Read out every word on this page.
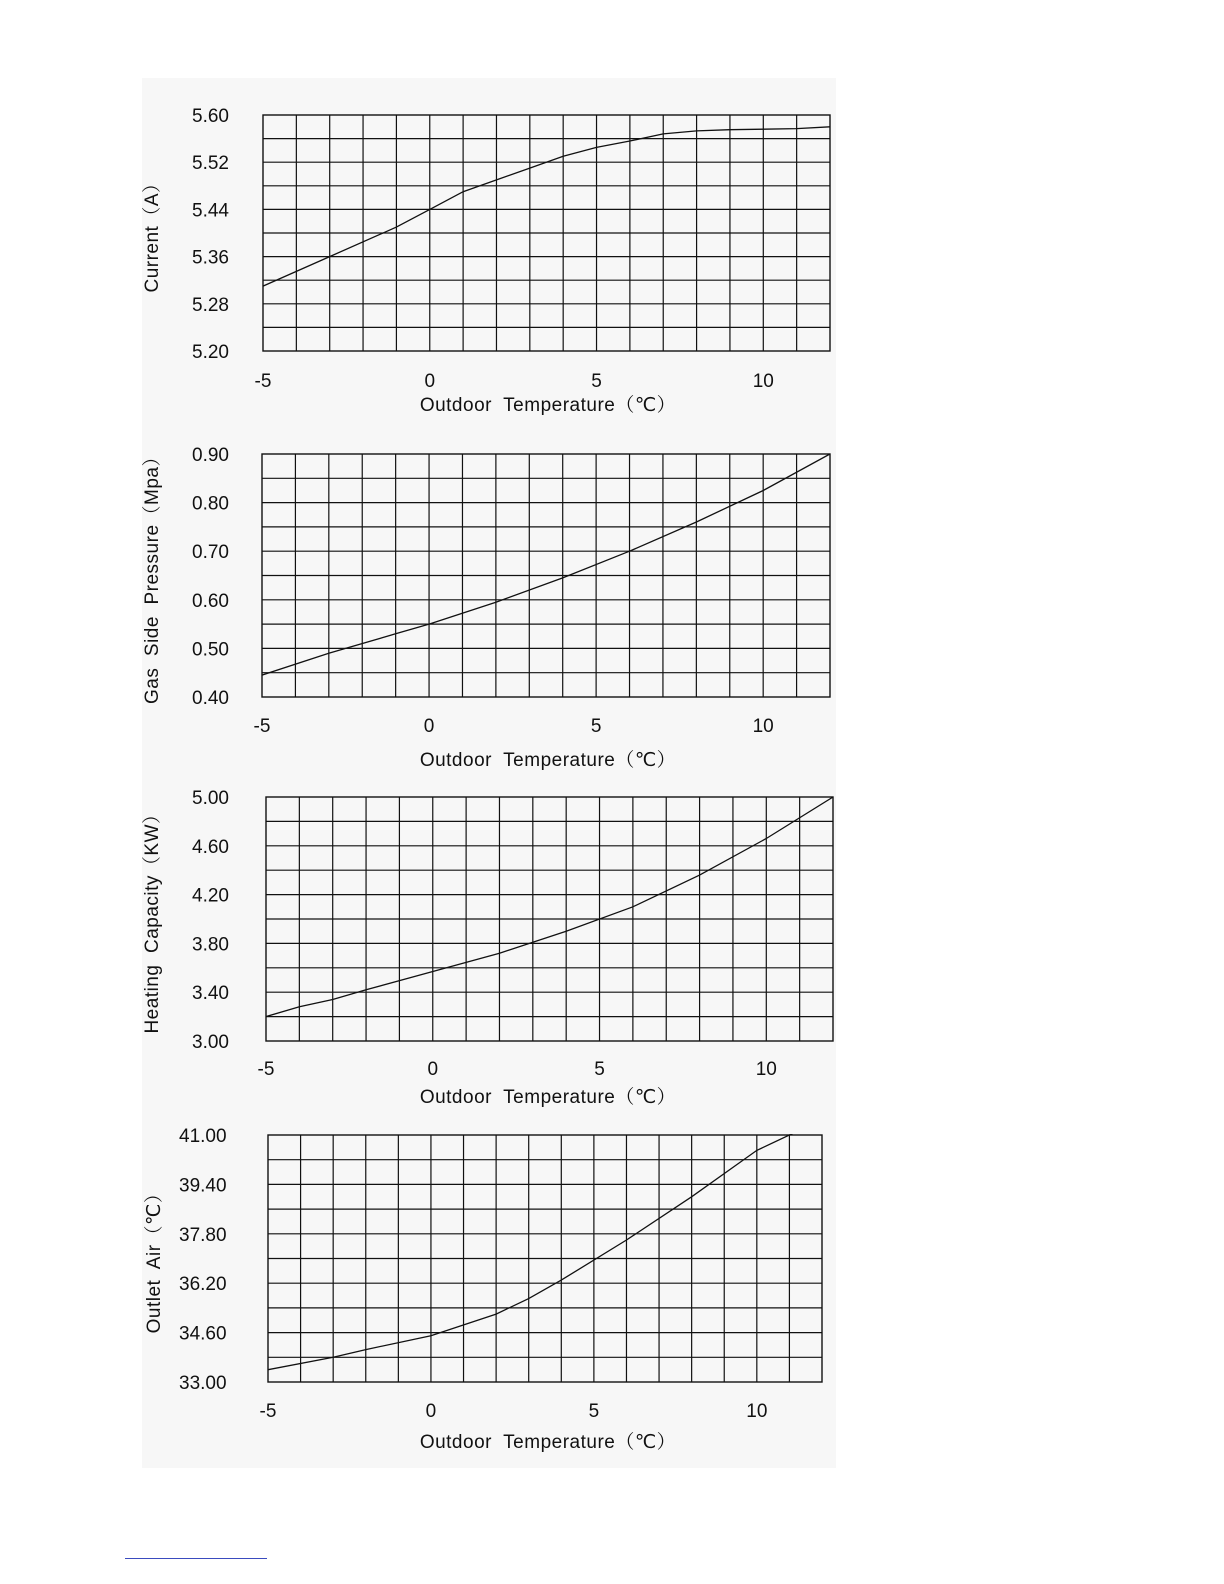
5.20
5.28
5.36
5.44
5.52
5.60
-5	0	5	10
Outdoor  Temperature（℃）
Current（A）
0.40
0.50
0.60
0.70
0.80
0.90
-5	0	5	10
Outdoor  Temperature（℃）
Gas  Side  Pressure（Mpa）
3.00
3.40
3.80
4.20
4.60
5.00
-5	0	5	10
Outdoor  Temperature（℃）
Heating  Capacity（KW）
33.00
34.60
36.20
37.80
39.40
41.00
-5	0	5	10
Outdoor  Temperature（℃）
Outlet  Air（℃）
